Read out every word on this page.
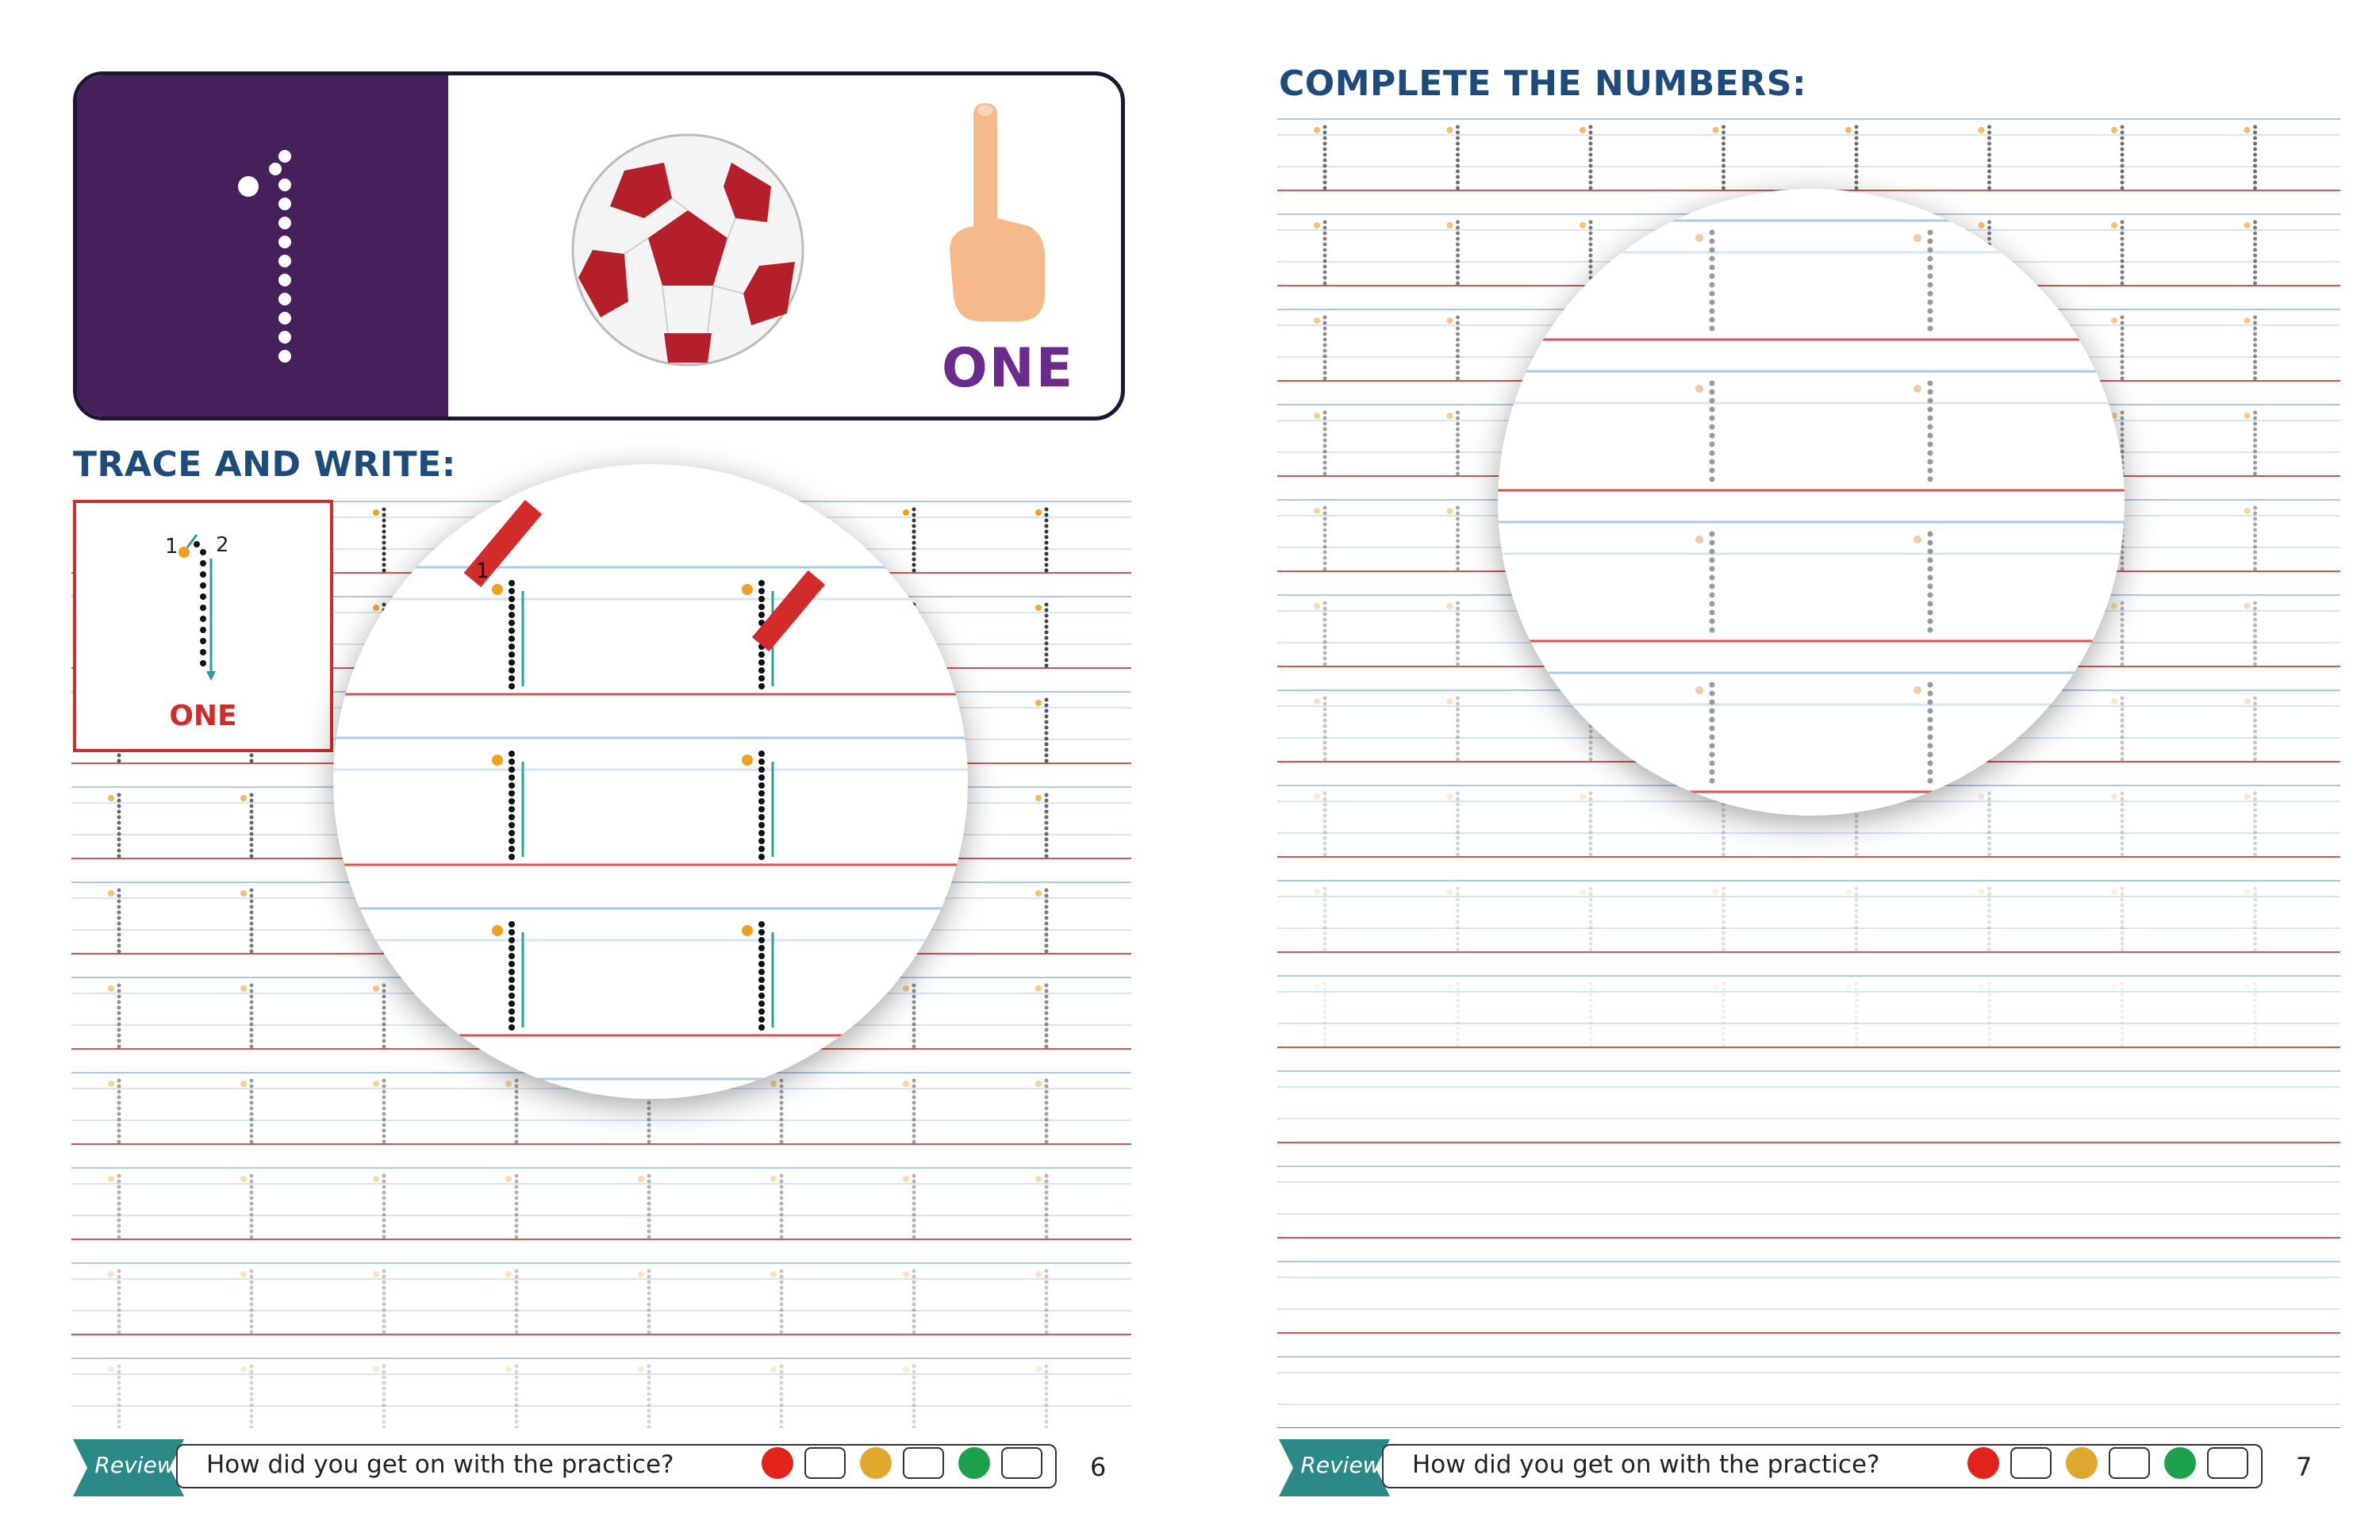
ONE
TRACE AND WRITE:
1 2
ONE
1
Review	How did you get on with the practice?	6
COMPLETE THE NUMBERS:
Review	How did you get on with the practice?	7
